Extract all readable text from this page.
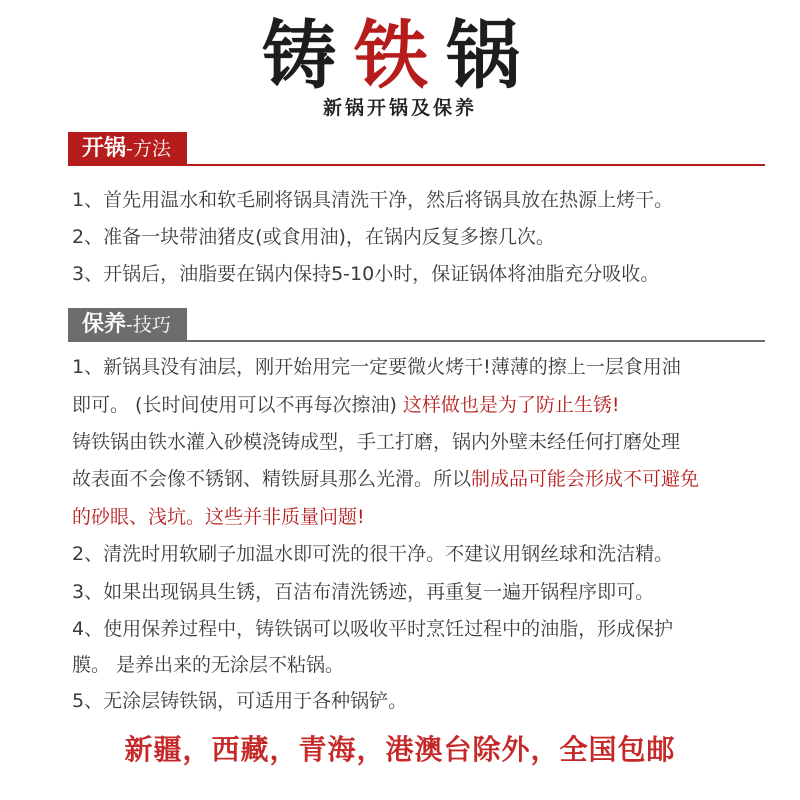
铸铁锅
新锅开锅及保养
开锅-方法
1、首先用温水和软毛刷将锅具清洗干净，然后将锅具放在热源上烤干。
2、准备一块带油猪皮(或食用油)，在锅内反复多擦几次。
3、开锅后，油脂要在锅内保持5-10小时，保证锅体将油脂充分吸收。
保养-技巧
1、新锅具没有油层，刚开始用完一定要微火烤干!薄薄的擦上一层食用油
即可。 (长时间使用可以不再每次擦油) 这样做也是为了防止生锈!
铸铁锅由铁水灌入砂模浇铸成型，手工打磨，锅内外壁未经任何打磨处理
故表面不会像不锈钢、精铁厨具那么光滑。所以制成品可能会形成不可避免
的砂眼、浅坑。这些并非质量问题!
2、清洗时用软刷子加温水即可洗的很干净。不建议用钢丝球和洗洁精。
3、如果出现锅具生锈，百洁布清洗锈迹，再重复一遍开锅程序即可。
4、使用保养过程中，铸铁锅可以吸收平时烹饪过程中的油脂，形成保护
膜。 是养出来的无涂层不粘锅。
5、无涂层铸铁锅，可适用于各种锅铲。
新疆，西藏，青海，港澳台除外，全国包邮
